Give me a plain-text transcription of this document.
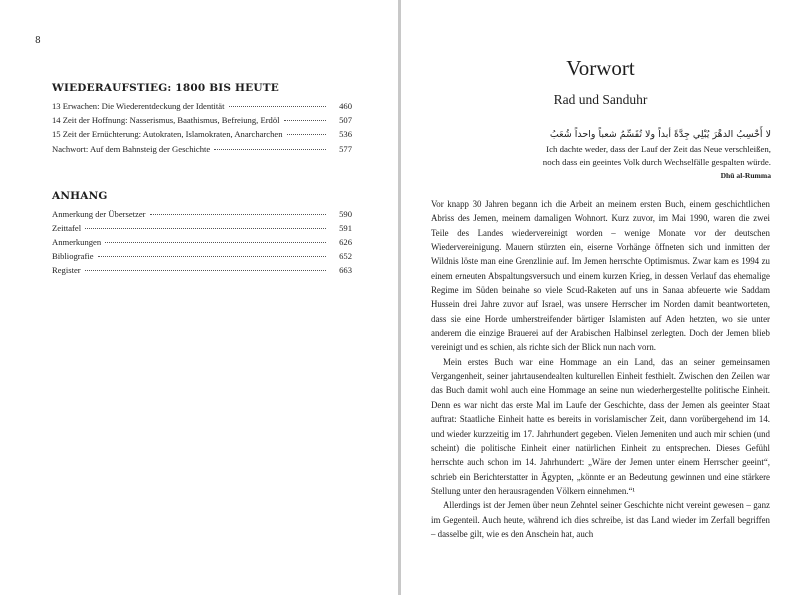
8
WIEDERAUFSTIEG: 1800 BIS HEUTE
13 Erwachen: Die Wiederentdeckung der Identität	460
14 Zeit der Hoffnung: Nasserismus, Baathismus, Befreiung, Erdöl	507
15 Zeit der Ernüchterung: Autokraten, Islamokraten, Anarcharchen	536
Nachwort: Auf dem Bahnsteig der Geschichte	577
ANHANG
Anmerkung der Übersetzer	590
Zeittafel	591
Anmerkungen	626
Bibliografie	652
Register	663
Vorwort
Rad und Sanduhr
لا أَحْسِبُ الدهْرَ يُبْلِي جِدَّةً أبداً ولا تُقَسِّمُ شعباً واحداً شُعَبُ
Ich dachte weder, dass der Lauf der Zeit das Neue verschleißen,
noch dass ein geeintes Volk durch Wechselfälle gespalten würde.
Dhū al-Rumma

Vor knapp 30 Jahren begann ich die Arbeit an meinem ersten Buch, einem geschichtlichen Abriss des Jemen, meinem damaligen Wohnort. Kurz zuvor, im Mai 1990, waren die zwei Teile des Landes wiedervereinigt worden – wenige Monate vor der deutschen Wiedervereinigung. Mauern stürzten ein, eiserne Vorhänge öffneten sich und inmitten der Wildnis löste man eine Grenzlinie auf. Im Jemen herrschte Optimismus. Zwar kam es 1994 zu einem erneuten Abspaltungsversuch und einem kurzen Krieg, in dessen Verlauf das ehemalige Regime im Süden beinahe so viele Scud-Raketen auf uns in Sanaa abfeuerte wie Saddam Hussein drei Jahre zuvor auf Israel, was unsere Herrscher im Norden damit beantworteten, dass sie eine Horde umherstreifender bärtiger Islamisten auf Aden hetzten, wo sie unter anderem die einzige Brauerei auf der Arabischen Halbinsel zerlegten. Doch der Jemen blieb vereinigt und es schien, als richte sich der Blick nun nach vorn.

Mein erstes Buch war eine Hommage an ein Land, das an seiner gemeinsamen Vergangenheit, seiner jahrtausendealten kulturellen Einheit festhielt. Zwischen den Zeilen war das Buch damit wohl auch eine Hommage an seine nun wiederhergestellte politische Einheit. Denn es war nicht das erste Mal im Laufe der Geschichte, dass der Jemen als geeinter Staat auftrat: Staatliche Einheit hatte es bereits in vorislamischer Zeit, dann vorübergehend im 14. und wieder kurzzeitig im 17. Jahrhundert gegeben. Vielen Jemeniten und auch mir schien (und scheint) die politische Einheit einer natürlichen Einheit zu entsprechen. Dieses Gefühl herrschte auch schon im 14. Jahrhundert: „Wäre der Jemen unter einem Herrscher geeint“, schrieb ein Berichterstatter in Ägypten, „könnte er an Bedeutung gewinnen und eine stärkere Stellung unter den herausragenden Völkern einnehmen.“¹

Allerdings ist der Jemen über neun Zehntel seiner Geschichte nicht vereint gewesen – ganz im Gegenteil. Auch heute, während ich dies schreibe, ist das Land wieder im Zerfall begriffen – dasselbe gilt, wie es den Anschein hat, auch
